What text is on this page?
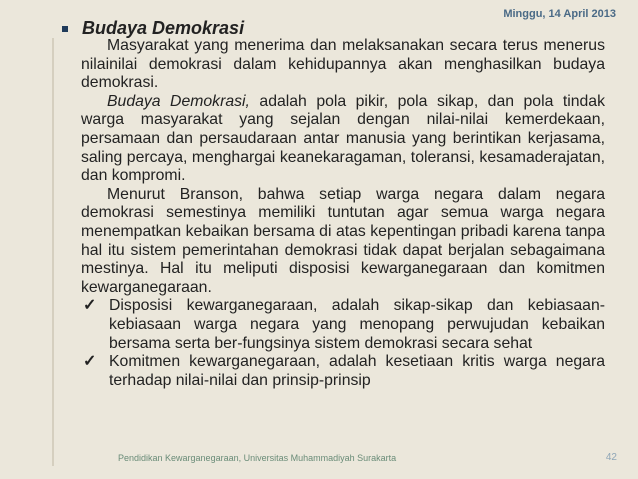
Minggu, 14 April 2013
Budaya Demokrasi

Masyarakat yang menerima dan melaksanakan secara terus menerus nilainilai demokrasi dalam kehidupannya akan menghasilkan budaya demokrasi.

Budaya Demokrasi, adalah pola pikir, pola sikap, dan pola tindak warga masyarakat yang sejalan dengan nilai-nilai kemerdekaan, persamaan dan persaudaraan antar manusia yang berintikan kerjasama, saling percaya, menghargai keanekaragaman, toleransi, kesamaderajatan, dan kompromi.

Menurut Branson, bahwa setiap warga negara dalam negara demokrasi semestinya memiliki tuntutan agar semua warga negara menempatkan kebaikan bersama di atas kepentingan pribadi karena tanpa hal itu sistem pemerintahan demokrasi tidak dapat berjalan sebagaimana mestinya. Hal itu meliputi disposisi kewarganegaraan dan komitmen kewarganegaraan.

✓ Disposisi kewarganegaraan, adalah sikap-sikap dan kebiasaan-kebiasaan warga negara yang menopang perwujudan kebaikan bersama serta ber-fungsinya sistem demokrasi secara sehat
✓ Komitmen kewarganegaraan, adalah kesetiaan kritis warga negara terhadap nilai-nilai dan prinsip-prinsip
Pendidikan Kewarganegaraan, Universitas Muhammadiyah Surakarta	42
